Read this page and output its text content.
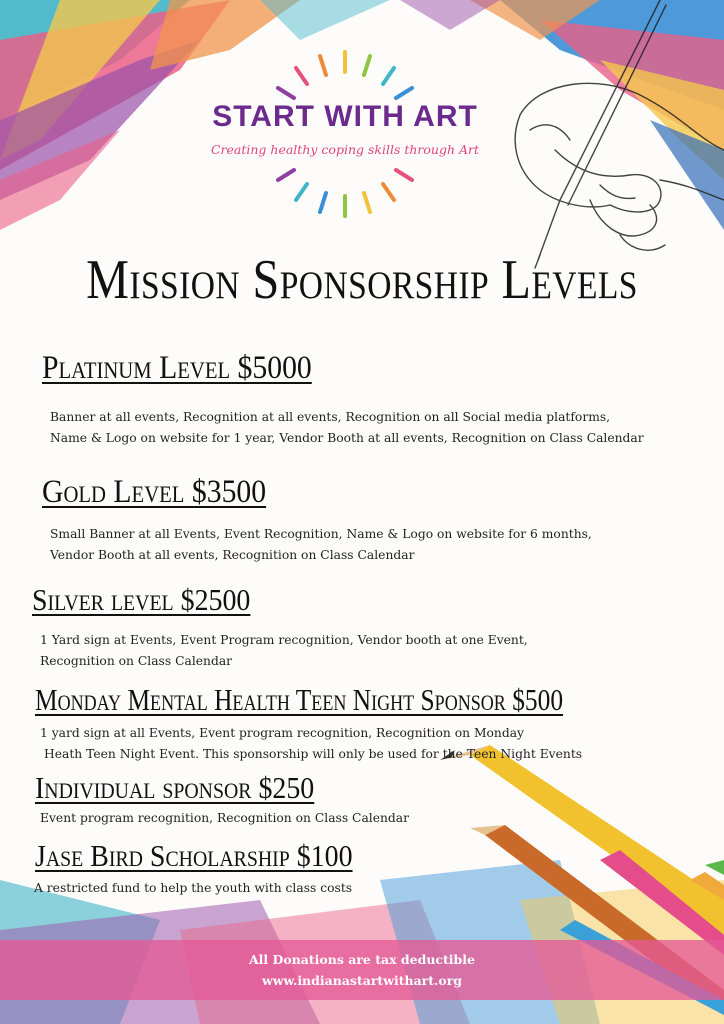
START WITH ART
Creating healthy coping skills through Art
Mission Sponsorship Levels
Platinum Level $5000
Banner at all events, Recognition at all events, Recognition on all Social media platforms,
Name & Logo on website for 1 year, Vendor Booth at all events, Recognition on Class Calendar
Gold Level $3500
Small Banner at all Events, Event Recognition, Name & Logo on website for 6 months,
Vendor Booth at all events, Recognition on Class Calendar
Silver level $2500
1 Yard sign at Events, Event Program recognition, Vendor booth at one Event,
Recognition on Class Calendar
Monday Mental Health Teen Night Sponsor $500
1 yard sign at all Events, Event program recognition, Recognition on Monday
Heath Teen Night Event. This sponsorship will only be used for the Teen Night Events
Individual sponsor $250
Event program recognition, Recognition on Class Calendar
Jase Bird Scholarship $100
A restricted fund to help the youth with class costs
All Donations are tax deductible
www.indianastartwithart.org
